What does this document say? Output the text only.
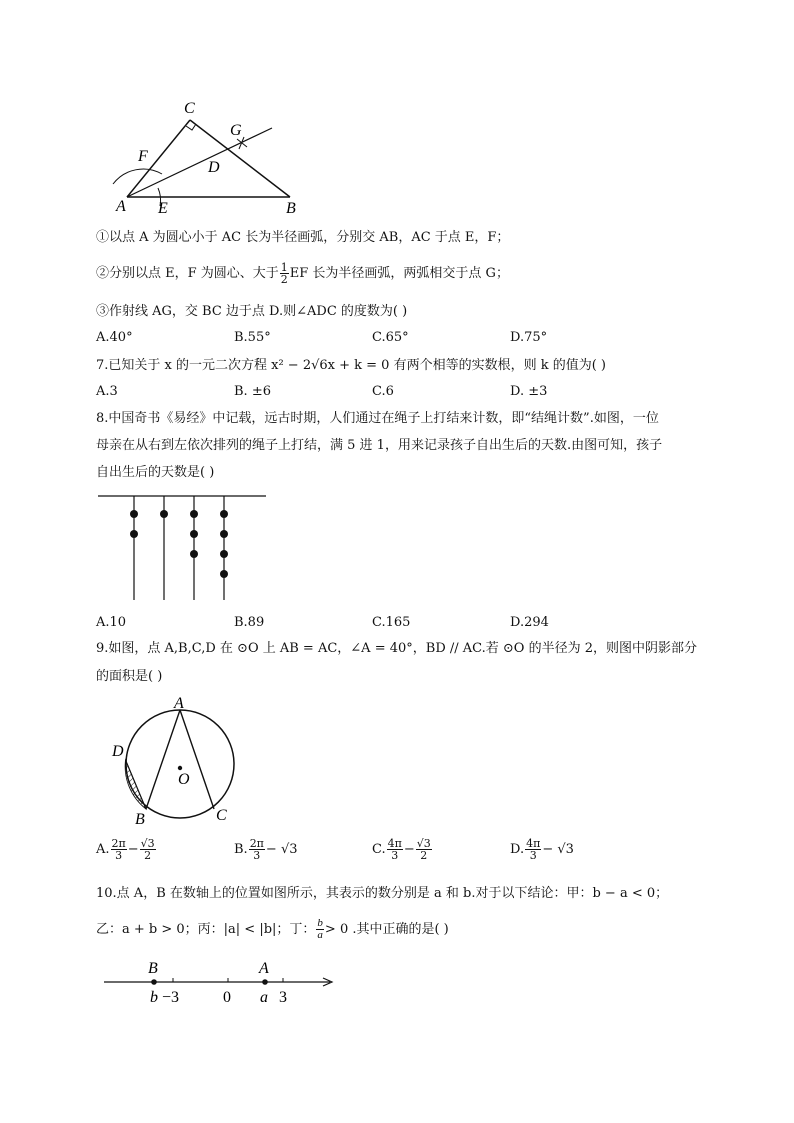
C
G
F
D
A E	B
①以点 A 为圆心小于 AC 长为半径画弧，分别交 AB，AC 于点 E，F；
②分别以点 E，F 为圆心、大于 $\frac{1}{2}$ EF 长为半径画弧，两弧相交于点 G；
③作射线 AG，交 BC 边于点 D.则∠ADC 的度数为( )
A.40°	B.55°	C.65°	D.75°
7.已知关于 x 的一元二次方程 x² − 2√6x + k = 0 有两个相等的实数根，则 k 的值为( )
A.3	B. ±6	C.6	D. ±3
8.中国奇书《易经》中记载，远古时期，人们通过在绳子上打结来计数，即“结绳计数”.如图，一位
母亲在从右到左依次排列的绳子上打结，满 5 进 1，用来记录孩子自出生后的天数.由图可知，孩子
自出生后的天数是( )
A.10	B.89	C.165	D.294
9.如图，点 A,B,C,D 在 ⊙O 上 AB = AC，∠A = 40°，BD // AC.若 ⊙O 的半径为 2，则图中阴影部分
的面积是( )
A
D
O
B	C
A. $\frac{2\pi}{3} - \frac{√3}{2}$	B. $\frac{2\pi}{3} - √3$	C. $\frac{4\pi}{3} - \frac{√3}{2}$	D. $\frac{4\pi}{3} - √3$
10.点 A，B 在数轴上的位置如图所示，其表示的数分别是 a 和 b.对于以下结论：甲：b − a < 0；
乙：a + b > 0；丙：|a| < |b|；丁： $\frac{b}{a} > 0$ .其中正确的是( )
B	A
b −3	0 a 3
